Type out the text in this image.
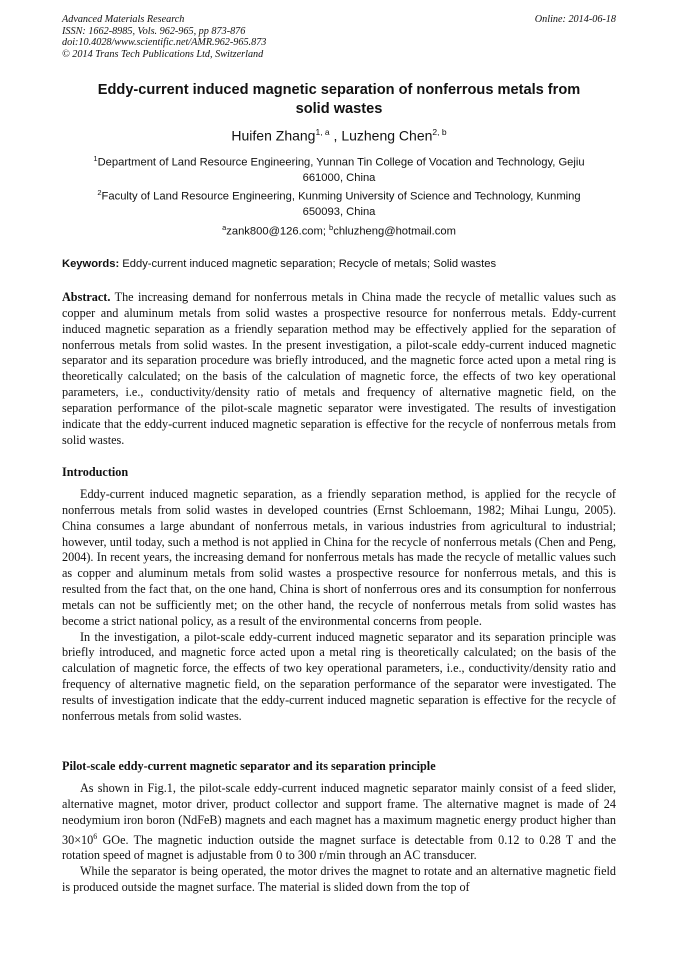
Advanced Materials Research
ISSN: 1662-8985, Vols. 962-965, pp 873-876
doi:10.4028/www.scientific.net/AMR.962-965.873
© 2014 Trans Tech Publications Ltd, Switzerland
Online: 2014-06-18
Eddy-current induced magnetic separation of nonferrous metals from
solid wastes
Huifen Zhang$^{1, a}$ , Luzheng Chen$^{2, b}$
$^1$Department of Land Resource Engineering, Yunnan Tin College of Vocation and Technology, Gejiu
661000, China
$^2$Faculty of Land Resource Engineering, Kunming University of Science and Technology, Kunming
650093, China
$^a$zank800@126.com; $^b$chluzheng@hotmail.com
Keywords: Eddy-current induced magnetic separation; Recycle of metals; Solid wastes

Abstract. The increasing demand for nonferrous metals in China made the recycle of metallic values such as copper and aluminum metals from solid wastes a prospective resource for nonferrous metals. Eddy-current induced magnetic separation as a friendly separation method may be effectively applied for the separation of nonferrous metals from solid wastes. In the present investigation, a pilot-scale eddy-current induced magnetic separator and its separation procedure was briefly introduced, and the magnetic force acted upon a metal ring is theoretically calculated; on the basis of the calculation of magnetic force, the effects of two key operational parameters, i.e., conductivity/density ratio of metals and frequency of alternative magnetic field, on the separation performance of the pilot-scale magnetic separator were investigated. The results of investigation indicate that the eddy-current induced magnetic separation is effective for the recycle of nonferrous metals from solid wastes.

Introduction

Eddy-current induced magnetic separation, as a friendly separation method, is applied for the recycle of nonferrous metals from solid wastes in developed countries (Ernst Schloemann, 1982; Mihai Lungu, 2005). China consumes a large abundant of nonferrous metals, in various industries from agricultural to industrial; however, until today, such a method is not applied in China for the recycle of nonferrous metals (Chen and Peng, 2004). In recent years, the increasing demand for nonferrous metals has made the recycle of metallic values such as copper and aluminum metals from solid wastes a prospective resource for nonferrous metals, and this is resulted from the fact that, on the one hand, China is short of nonferrous ores and its consumption for nonferrous metals can not be sufficiently met; on the other hand, the recycle of nonferrous metals from solid wastes has become a strict national policy, as a result of the environmental concerns from people.

In the investigation, a pilot-scale eddy-current induced magnetic separator and its separation principle was briefly introduced, and magnetic force acted upon a metal ring is theoretically calculated; on the basis of the calculation of magnetic force, the effects of two key operational parameters, i.e., conductivity/density ratio and frequency of alternative magnetic field, on the separation performance of the separator were investigated. The results of investigation indicate that the eddy-current induced magnetic separation is effective for the recycle of nonferrous metals from solid wastes.

Pilot-scale eddy-current magnetic separator and its separation principle

As shown in Fig.1, the pilot-scale eddy-current induced magnetic separator mainly consist of a feed slider, alternative magnet, motor driver, product collector and support frame. The alternative magnet is made of 24 neodymium iron boron (NdFeB) magnets and each magnet has a maximum magnetic energy product higher than $30\times 10^6$ GOe. The magnetic induction outside the magnet surface is detectable from 0.12 to 0.28 T and the rotation speed of magnet is adjustable from 0 to 300 r/min through an AC transducer.

While the separator is being operated, the motor drives the magnet to rotate and an alternative magnetic field is produced outside the magnet surface. The material is slided down from the top of
